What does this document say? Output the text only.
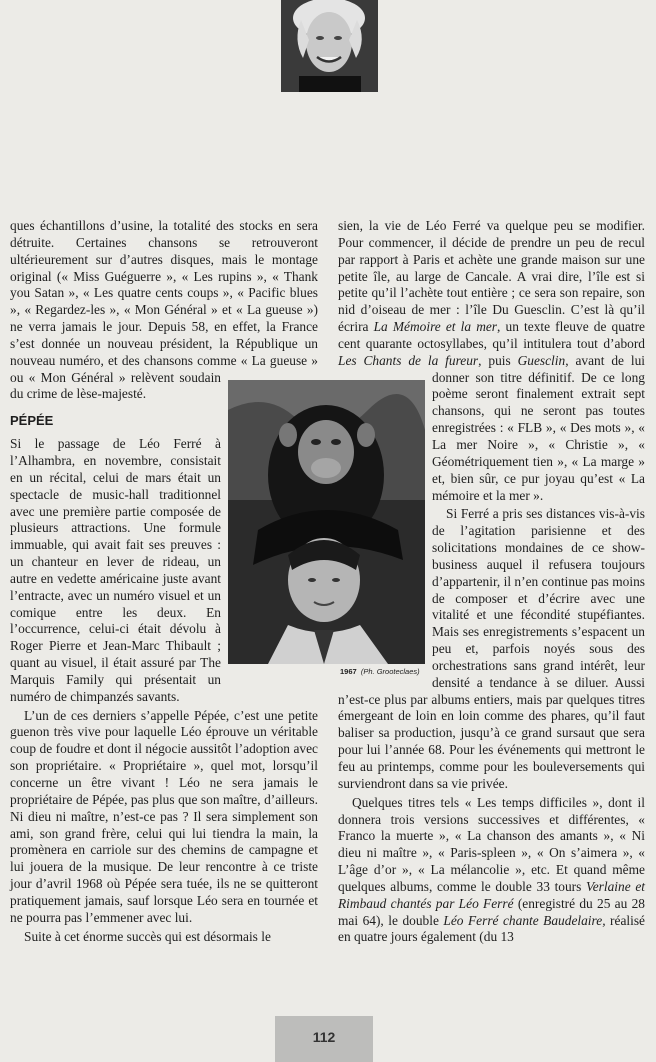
ques échantillons d’usine, la totalité des stocks en sera détruite. Certaines chansons se retrouveront ultérieurement sur d’autres disques, mais le montage original (« Miss Guéguerre », « Les rupins », « Thank you Satan », « Les quatre cents coups », « Pacific blues », « Regardez-les », « Mon Général » et « La gueuse ») ne verra jamais le jour. Depuis 58, en effet, la France s’est donnée un nouveau président, la République un nouveau numéro, et des chansons comme « La gueuse » ou « Mon Général » relèvent soudain du crime de lèse-majesté.

PÉPÉE

Si le passage de Léo Ferré à l’Alhambra, en novembre, consistait en un récital, celui de mars était un spectacle de music-hall traditionnel avec une première partie composée de plusieurs attractions. Une formule immuable, qui avait fait ses preuves : un chanteur en lever de rideau, un autre en vedette américaine juste avant l’entracte, avec un numéro visuel et un comique entre les deux. En l’occurrence, celui-ci était dévolu à Roger Pierre et Jean-Marc Thibault ; quant au visuel, il était assuré par The Marquis Family qui présentait un numéro de chimpanzés savants.

L’un de ces derniers s’appelle Pépée, c’est une petite guenon très vive pour laquelle Léo éprouve un véritable coup de foudre et dont il négocie aussitôt l’adoption avec son propriétaire. « Propriétaire », quel mot, lorsqu’il concerne un être vivant ! Léo ne sera jamais le propriétaire de Pépée, pas plus que son maître, d’ailleurs. Ni dieu ni maître, n’est-ce pas ? Il sera simplement son ami, son grand frère, celui qui lui tiendra la main, la promènera en carriole sur des chemins de campagne et lui jouera de la musique. De leur rencontre à ce triste jour d’avril 1968 où Pépée sera tuée, ils ne se quitteront pratiquement jamais, sauf lorsque Léo sera en tournée et ne pourra pas l’emmener avec lui.

Suite à cet énorme succès qui est désormais le

sien, la vie de Léo Ferré va quelque peu se modifier. Pour commencer, il décide de prendre un peu de recul par rapport à Paris et achète une grande maison sur une petite île, au large de Cancale. A vrai dire, l’île est si petite qu’il l’achète tout entière ; ce sera son repaire, son nid d’oiseau de mer : l’île Du Guesclin. C’est là qu’il écrira La Mémoire et la mer, un texte fleuve de quatre cent quarante octosyllabes, qu’il intitulera tout d’abord Les Chants de la fureur, puis Guesclin, avant de lui donner son titre définitif. De ce long poème seront finalement extrait sept chansons, qui ne seront pas toutes enregistrées : « FLB », « Des mots », « La mer Noire », « Christie », « Géométriquement tien », « La marge » et, bien sûr, ce pur joyau qu’est « La mémoire et la mer ».

Si Ferré a pris ses distances vis-à-vis de l’agitation parisienne et des solicitations mondaines de ce show-business auquel il refusera toujours d’appartenir, il n’en continue pas moins de composer et d’écrire avec une vitalité et une fécondité stupéfiantes. Mais ses enregistrements s’espacent un peu et, parfois noyés sous des orchestrations sans grand intérêt, leur densité a tendance à se diluer. Aussi n’est-ce plus par albums entiers, mais par quelques titres émergeant de loin en loin comme des phares, qu’il faut baliser sa production, jusqu’à ce grand sursaut que sera pour lui l’année 68. Pour les événements qui mettront le feu au printemps, comme pour les bouleversements qui surviendront dans sa vie privée.

Quelques titres tels « Les temps difficiles », dont il donnera trois versions successives et différentes, « Franco la muerte », « La chanson des amants », « Ni dieu ni maître », « Paris-spleen », « On s’aimera », « L’âge d’or », « La mélancolie », etc. Et quand même quelques albums, comme le double 33 tours Verlaine et Rimbaud chantés par Léo Ferré (enregistré du 25 au 28 mai 64), le double Léo Ferré chante Baudelaire, réalisé en quatre jours également (du 13

1967 (Ph. Grooteclaes)
112
